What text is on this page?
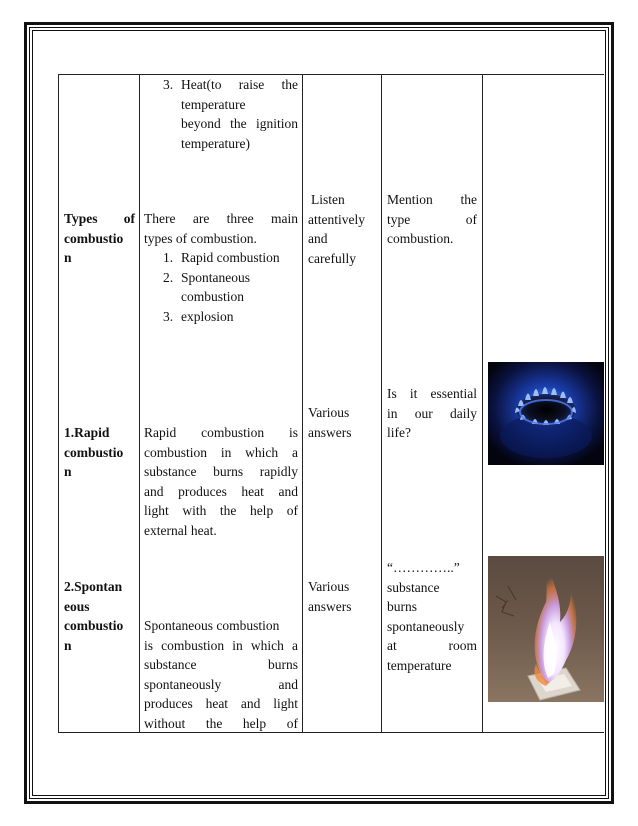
3. Heat(to raise the
temperature
beyond the ignition
temperature)
Types of
combustio
n
There are three main
types of combustion.
1. Rapid combustion
2. Spontaneous
combustion
3. explosion
Listen
attentively
and
carefully
Mention the
type of
combustion.
1.Rapid
combustio
n
Rapid combustion is
combustion in which a
substance burns rapidly
and produces heat and
light with the help of
external heat.
Various
answers
Is it essential
in our daily
life?
2.Spontan
eous
combustio
n
Spontaneous combustion
is combustion in which a
substance burns
spontaneously and
produces heat and light
without the help of
Various
answers
“…………..”
substance
burns
spontaneously
at room
temperature
